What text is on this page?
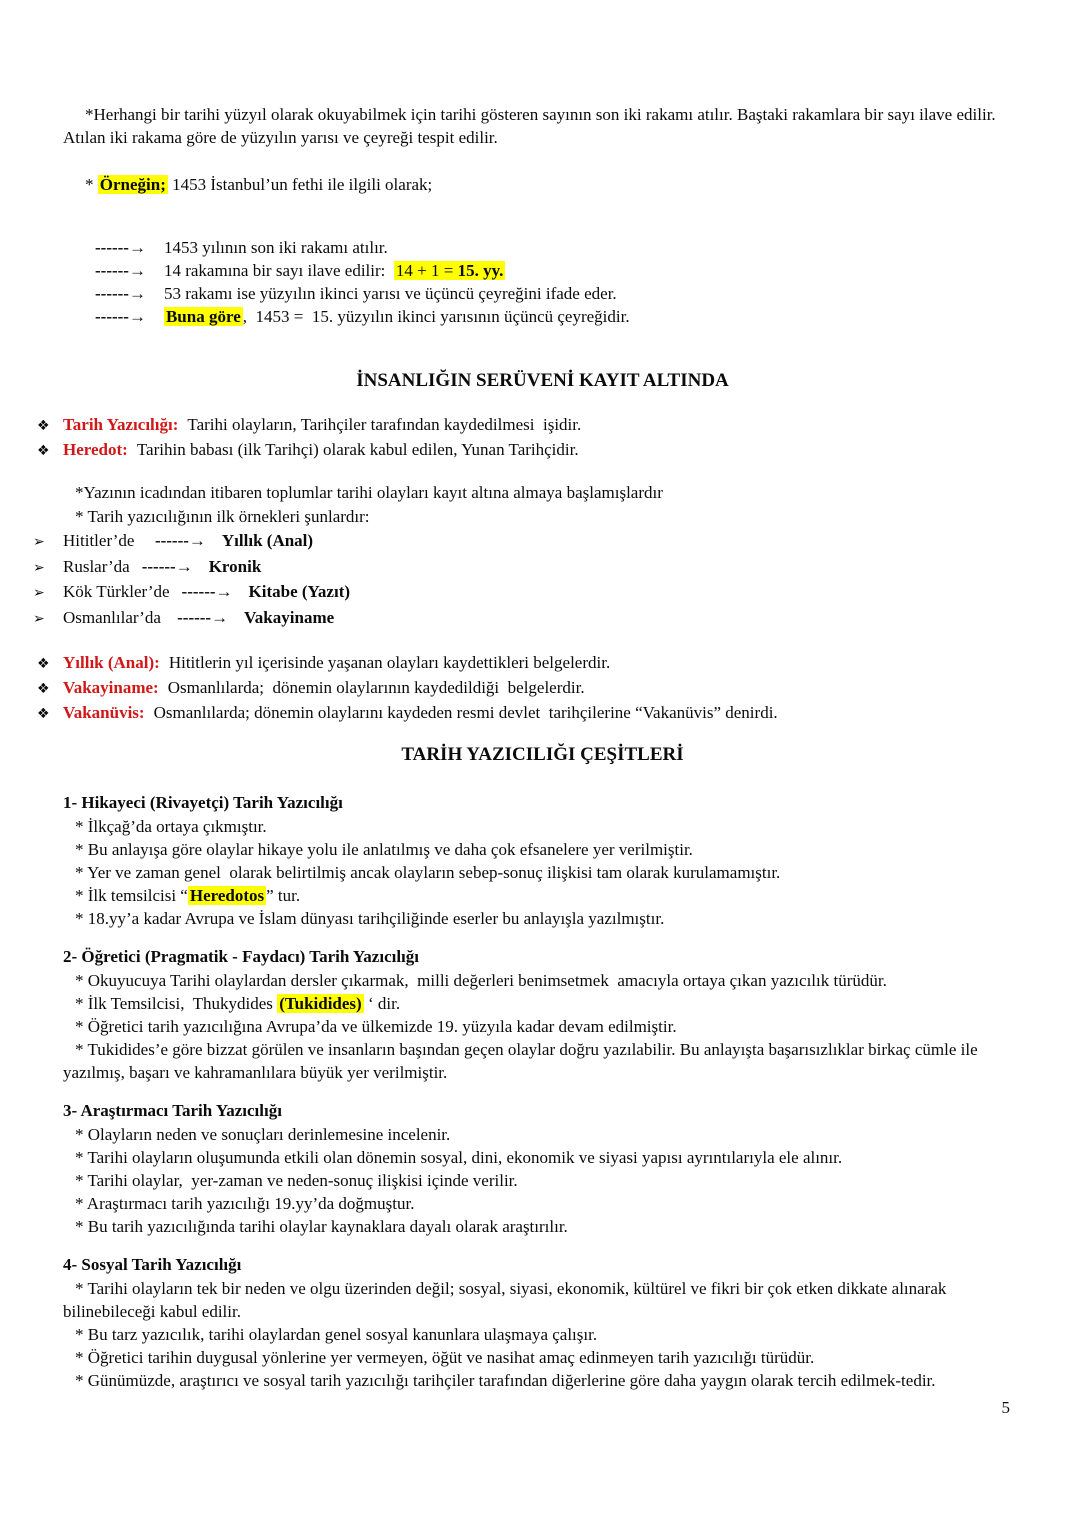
*Herhangi bir tarihi yüzyıl olarak okuyabilmek için tarihi gösteren sayının son iki rakamı atılır. Baştaki rakamlara bir sayı ilave edilir. Atılan iki rakama göre de yüzyılın yarısı ve çeyreği tespit edilir.

* Örneğin; 1453 İstanbul’un fethi ile ilgili olarak;
------→ 1453 yılının son iki rakamı atılır.
------→ 14 rakamına bir sayı ilave edilir:  14 + 1 = 15. yy.
------→ 53 rakamı ise yüzyılın ikinci yarısı ve üçüncü çeyreğini ifade eder.
------→ Buna göre ,  1453 =  15. yüzyılın ikinci yarısının üçüncü çeyreğidir.
İNSANLIĞIN SERÜVENİ KAYIT ALTINDA
❖ Tarih Yazıcılığı: Tarihi olayların, Tarihçiler tarafından kaydedilmesi  işidir.
❖ Heredot: Tarihin babası (ilk Tarihçi) olarak kabul edilen, Yunan Tarihçidir.
*Yazının icadından itibaren toplumlar tarihi olayları kayıt altına almaya başlamışlardır
* Tarih yazıcılığının ilk örnekleri şunlardır:
➢ Hititler’de  ------→ Yıllık (Anal)
➢ Ruslar’da ------→ Kronik
➢ Kök Türkler’de ------→ Kitabe (Yazıt)
➢ Osmanlılar’da ------→ Vakayiname
❖ Yıllık (Anal): Hititlerin yıl içerisinde yaşanan olayları kaydettikleri belgelerdir.
❖ Vakayiname: Osmanlılarda;  dönemin olaylarının kaydedildiği  belgelerdir.
❖ Vakanüvis: Osmanlılarda; dönemin olaylarını kaydeden resmi devlet  tarihçilerine “Vakanüvis” denirdi.
TARİH YAZICILIĞI ÇEŞİTLERİ
1- Hikayeci (Rivayetçi) Tarih Yazıcılığı
* İlkçağ’da ortaya çıkmıştır.
* Bu anlayışa göre olaylar hikaye yolu ile anlatılmış ve daha çok efsanelere yer verilmiştir.
* Yer ve zaman genel  olarak belirtilmiş ancak olayların sebep-sonuç ilişkisi tam olarak kurulamamıştır.
* İlk temsilcisi “ Heredotos ” tur.
* 18.yy’a kadar Avrupa ve İslam dünyası tarihçiliğinde eserler bu anlayışla yazılmıştır.
2- Öğretici (Pragmatik - Faydacı) Tarih Yazıcılığı
* Okuyucuya Tarihi olaylardan dersler çıkarmak,  milli değerleri benimsetmek  amacıyla ortaya çıkan yazıcılık türüdür.
* İlk Temsilcisi,  Thukydides (Tukidides) ‘ dir.
* Öğretici tarih yazıcılığına Avrupa’da ve ülkemizde 19. yüzyıla kadar devam edilmiştir.
* Tukidides’e göre bizzat görülen ve insanların başından geçen olaylar doğru yazılabilir. Bu anlayışta başarısızlıklar birkaç cümle ile yazılmış, başarı ve kahramanlılara büyük yer verilmiştir.
3- Araştırmacı Tarih Yazıcılığı
* Olayların neden ve sonuçları derinlemesine incelenir.
* Tarihi olayların oluşumunda etkili olan dönemin sosyal, dini, ekonomik ve siyasi yapısı ayrıntılarıyla ele alınır.
* Tarihi olaylar,  yer-zaman ve neden-sonuç ilişkisi içinde verilir.
* Araştırmacı tarih yazıcılığı 19.yy’da doğmuştur.
* Bu tarih yazıcılığında tarihi olaylar kaynaklara dayalı olarak araştırılır.
4- Sosyal Tarih Yazıcılığı
* Tarihi olayların tek bir neden ve olgu üzerinden değil; sosyal, siyasi, ekonomik, kültürel ve fikri bir çok etken dikkate alınarak bilinebileceği kabul edilir.
* Bu tarz yazıcılık, tarihi olaylardan genel sosyal kanunlara ulaşmaya çalışır.
* Öğretici tarihin duygusal yönlerine yer vermeyen, öğüt ve nasihat amaç edinmeyen tarih yazıcılığı türüdür.
* Günümüzde, araştırıcı ve sosyal tarih yazıcılığı tarihçiler tarafından diğerlerine göre daha yaygın olarak tercih edilmek-tedir.
5
